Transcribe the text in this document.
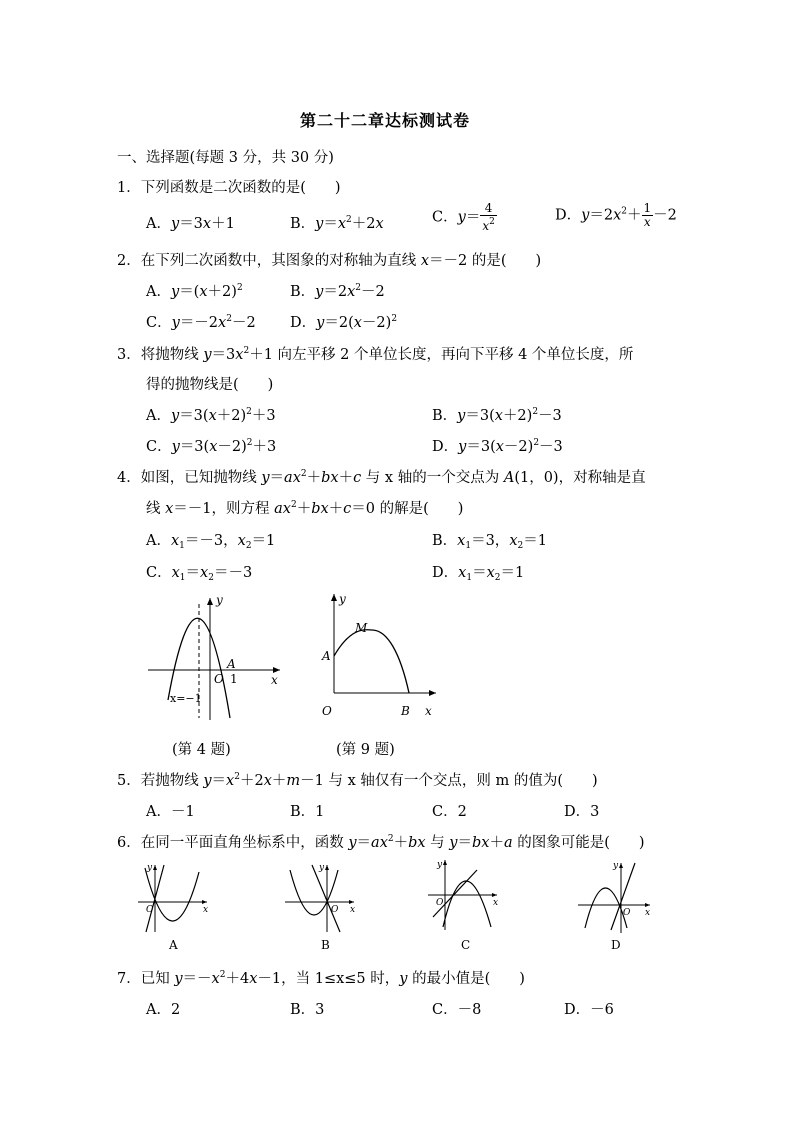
第二十二章达标测试卷
一、选择题(每题 3 分，共 30 分)
1．下列函数是二次函数的是(　　)
A．y＝3x＋1	B．$y=x^2+2x$	C．$y= \frac{4}{x^2}$	D．$y=2x^2+ \frac{1}{x} -2$
2．在下列二次函数中，其图象的对称轴为直线 x＝－2 的是(　　)
A．$y=(x+2)^2$	B．$y=2x^2-2$
C．$y=-2x^2-2$ D．$y=2(x-2)^2$
3．将抛物线 $y=3x^2+1$ 向左平移 2 个单位长度，再向下平移 4 个单位长度，所
得的抛物线是(　　)
A．$y=3(x+2)^2+3$	B．$y=3(x+2)^2-3$
C．$y=3(x-2)^2+3$	D．$y=3(x-2)^2-3$
4．如图，已知抛物线 $y=ax^2+bx+c$ 与 x 轴的一个交点为 A(1，0)，对称轴是直
线 x＝－1，则方程 $ax^2+bx+c=0$ 的解是(　　)
A．$x_1=-3$，$x_2=1$	B．$x_1=3$，$x_2=1$
C．$x_1=x_2=-3$	D．$x_1=x_2=1$
y
x
O
A
1
x=−1
(第 4 题)
y
x
O
A
M
B
(第 9 题)
5．若抛物线 $y=x^2+2x+m-1$ 与 x 轴仅有一个交点，则 m 的值为(　　)
A．－1	B．1	C．2	D．3
6．在同一平面直角坐标系中，函数 $y=ax^2+bx$ 与 y＝bx＋a 的图象可能是(　　)
y
x
O
A
y
x
O
B
y
x
O
C
y
x
O
D
7．已知 $y=-x^2+4x-1$，当 1≤x≤5 时，y 的最小值是(　　)
A．2	B．3	C．－8	D．－6
